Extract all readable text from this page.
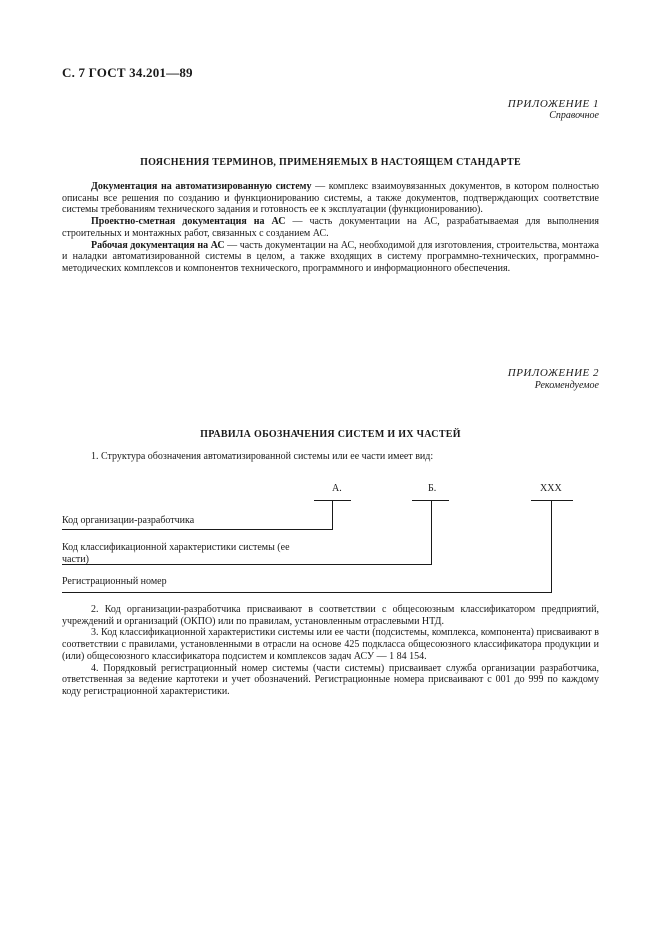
С. 7 ГОСТ 34.201—89
ПРИЛОЖЕНИЕ 1
Справочное
ПОЯСНЕНИЯ ТЕРМИНОВ, ПРИМЕНЯЕМЫХ В НАСТОЯЩЕМ СТАНДАРТЕ

Документация на автоматизированную систему — комплекс взаимоувязанных документов, в котором полностью описаны все решения по созданию и функционированию системы, а также документов, подтверждающих соответствие системы требованиям технического задания и готовность ее к эксплуатации (функционированию).

Проектно-сметная документация на АС — часть документации на АС, разрабатываемая для выполнения строительных и монтажных работ, связанных с созданием АС.

Рабочая документация на АС — часть документации на АС, необходимой для изготовления, строительства, монтажа и наладки автоматизированной системы в целом, а также входящих в систему программно-технических, программно-методических комплексов и компонентов технического, программного и информационного обеспечения.

ПРИЛОЖЕНИЕ 2
Рекомендуемое
ПРАВИЛА ОБОЗНАЧЕНИЯ СИСТЕМ И ИХ ЧАСТЕЙ

1. Структура обозначения автоматизированной системы или ее части имеет вид:

А.	Б.	ХХХ
Код организации-разработчика
Код классификационной характеристики системы (ее части)
Регистрационный номер

2. Код организации-разработчика присваивают в соответствии с общесоюзным классификатором предприятий, учреждений и организаций (ОКПО) или по правилам, установленным отраслевыми НТД.

3. Код классификационной характеристики системы или ее части (подсистемы, комплекса, компонента) присваивают в соответствии с правилами, установленными в отрасли на основе 425 подкласса общесоюзного классификатора продукции и (или) общесоюзного классификатора подсистем и комплексов задач АСУ — 1 84 154.

4. Порядковый регистрационный номер системы (части системы) присваивает служба организации разработчика, ответственная за ведение картотеки и учет обозначений. Регистрационные номера присваивают с 001 до 999 по каждому коду регистрационной характеристики.
